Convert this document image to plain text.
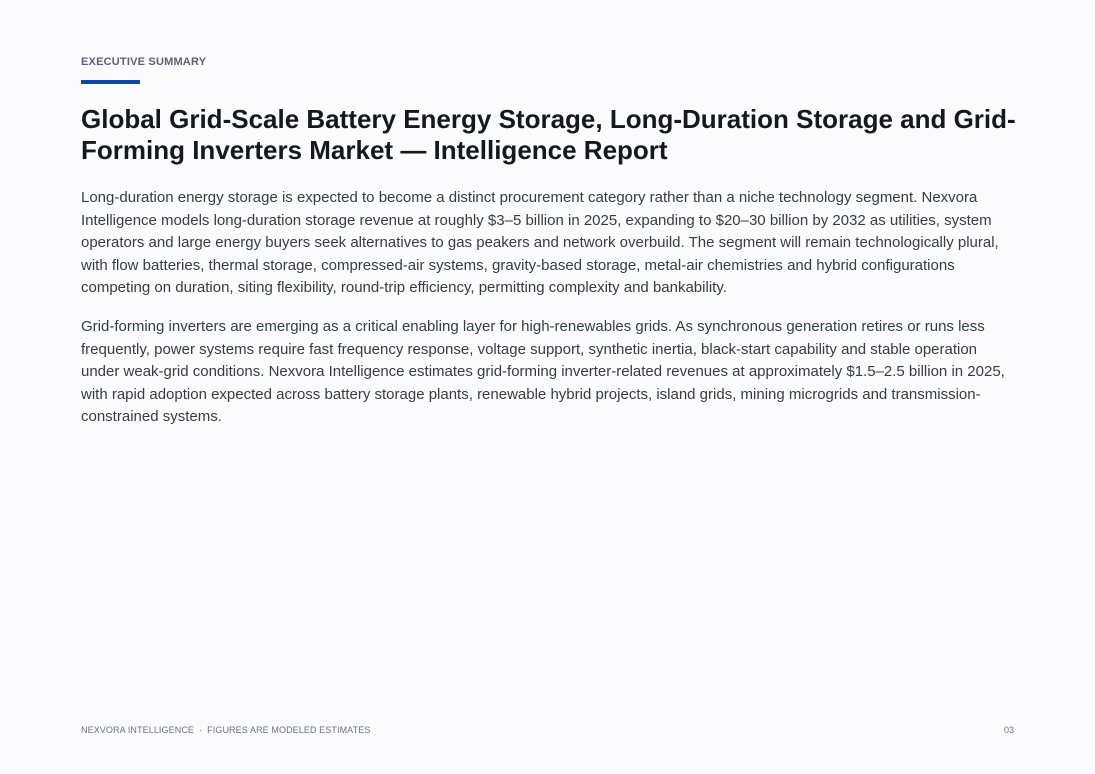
EXECUTIVE SUMMARY
Global Grid-Scale Battery Energy Storage, Long-Duration Storage and Grid-Forming Inverters Market — Intelligence Report

Long-duration energy storage is expected to become a distinct procurement category rather than a niche technology segment. Nexvora Intelligence models long-duration storage revenue at roughly $3–5 billion in 2025, expanding to $20–30 billion by 2032 as utilities, system operators and large energy buyers seek alternatives to gas peakers and network overbuild. The segment will remain technologically plural, with flow batteries, thermal storage, compressed-air systems, gravity-based storage, metal-air chemistries and hybrid configurations competing on duration, siting flexibility, round-trip efficiency, permitting complexity and bankability.

Grid-forming inverters are emerging as a critical enabling layer for high-renewables grids. As synchronous generation retires or runs less frequently, power systems require fast frequency response, voltage support, synthetic inertia, black-start capability and stable operation under weak-grid conditions. Nexvora Intelligence estimates grid-forming inverter-related revenues at approximately $1.5–2.5 billion in 2025, with rapid adoption expected across battery storage plants, renewable hybrid projects, island grids, mining microgrids and transmission-constrained systems.

NEXVORA INTELLIGENCE · FIGURES ARE MODELED ESTIMATES	03
